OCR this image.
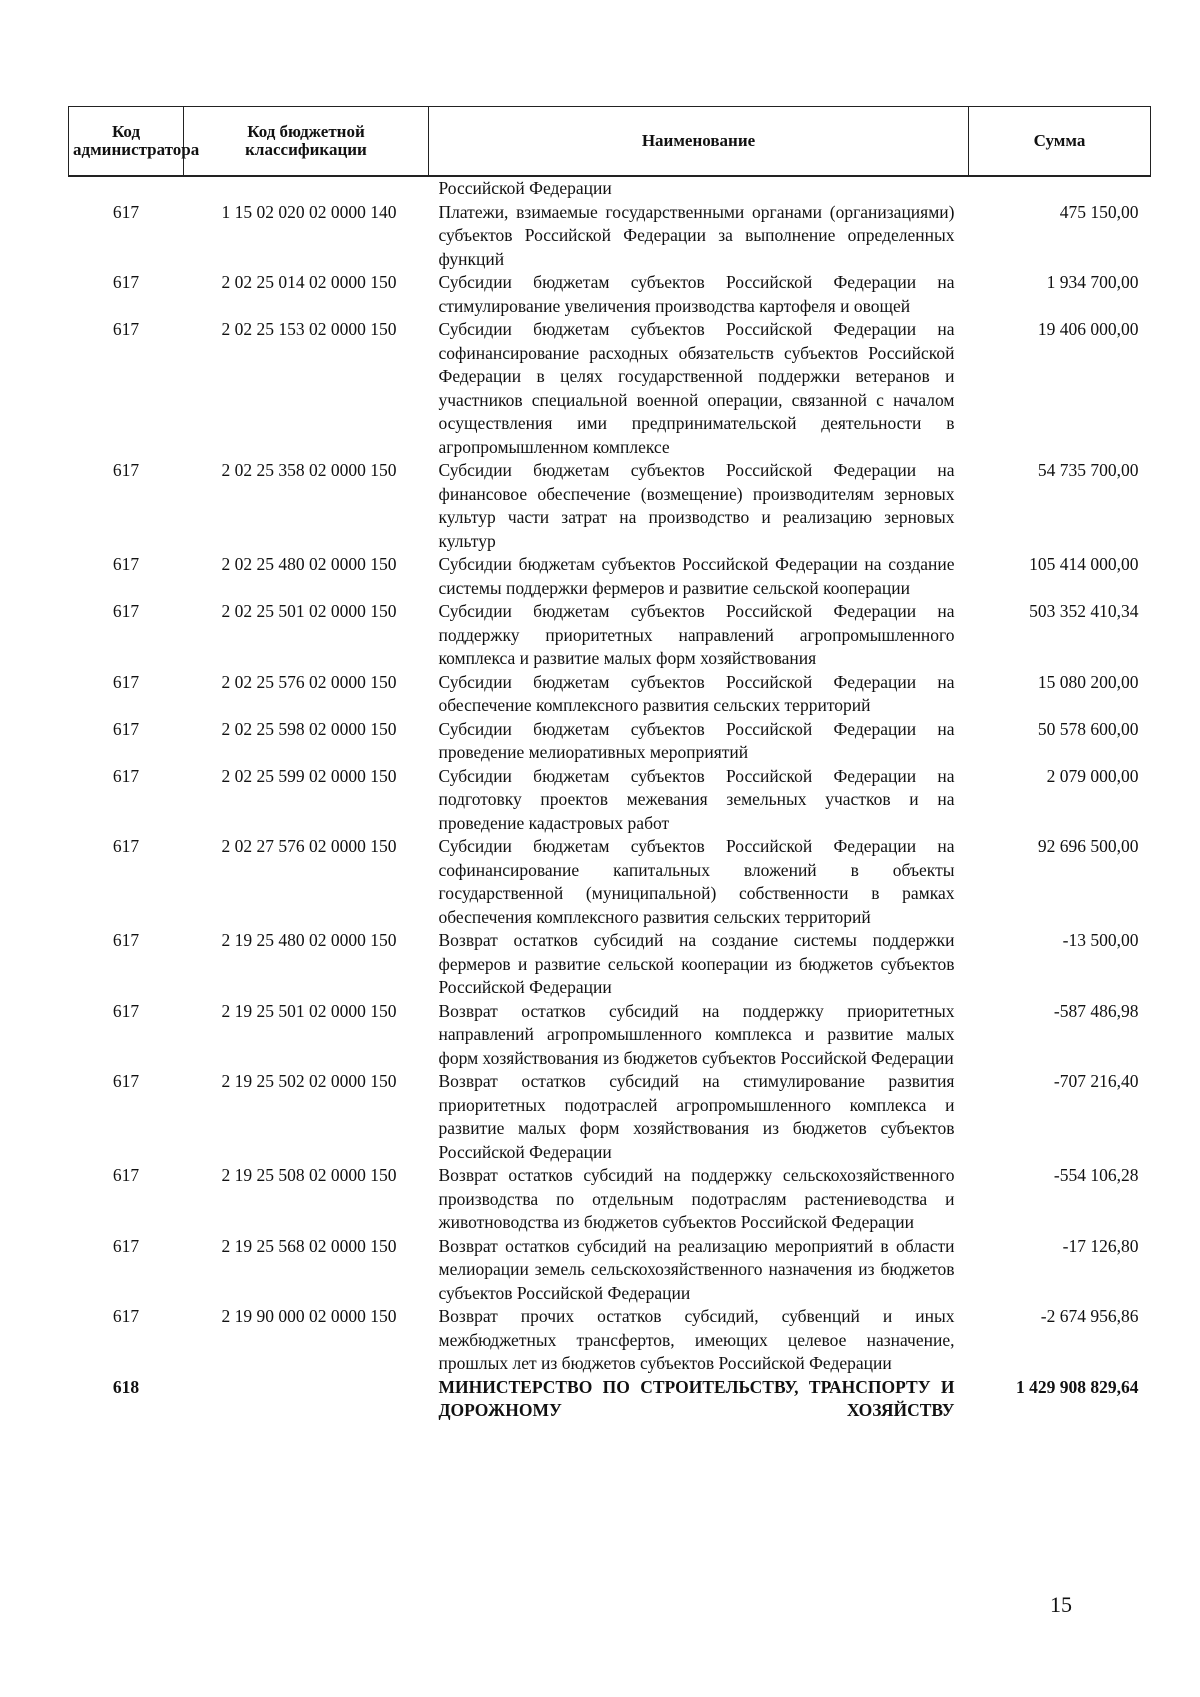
Код администратора	Код бюджетной классификации	Наименование	Сумма
		Российской Федерации	
617	1 15 02 020 02 0000 140	Платежи, взимаемые государственными органами (организациями) субъектов Российской Федерации за выполнение определенных функций	475 150,00
617	2 02 25 014 02 0000 150	Субсидии бюджетам субъектов Российской Федерации на стимулирование увеличения производства картофеля и овощей	1 934 700,00
617	2 02 25 153 02 0000 150	Субсидии бюджетам субъектов Российской Федерации на софинансирование расходных обязательств субъектов Российской Федерации в целях государственной поддержки ветеранов и участников специальной военной операции, связанной с началом осуществления ими предпринимательской деятельности в агропромышленном комплексе	19 406 000,00
617	2 02 25 358 02 0000 150	Субсидии бюджетам субъектов Российской Федерации на финансовое обеспечение (возмещение) производителям зерновых культур части затрат на производство и реализацию зерновых культур	54 735 700,00
617	2 02 25 480 02 0000 150	Субсидии бюджетам субъектов Российской Федерации на создание системы поддержки фермеров и развитие сельской кооперации	105 414 000,00
617	2 02 25 501 02 0000 150	Субсидии бюджетам субъектов Российской Федерации на поддержку приоритетных направлений агропромышленного комплекса и развитие малых форм хозяйствования	503 352 410,34
617	2 02 25 576 02 0000 150	Субсидии бюджетам субъектов Российской Федерации на обеспечение комплексного развития сельских территорий	15 080 200,00
617	2 02 25 598 02 0000 150	Субсидии бюджетам субъектов Российской Федерации на проведение мелиоративных мероприятий	50 578 600,00
617	2 02 25 599 02 0000 150	Субсидии бюджетам субъектов Российской Федерации на подготовку проектов межевания земельных участков и на проведение кадастровых работ	2 079 000,00
617	2 02 27 576 02 0000 150	Субсидии бюджетам субъектов Российской Федерации на софинансирование капитальных вложений в объекты государственной (муниципальной) собственности в рамках обеспечения комплексного развития сельских территорий	92 696 500,00
617	2 19 25 480 02 0000 150	Возврат остатков субсидий на создание системы поддержки фермеров и развитие сельской кооперации из бюджетов субъектов Российской Федерации	-13 500,00
617	2 19 25 501 02 0000 150	Возврат остатков субсидий на поддержку приоритетных направлений агропромышленного комплекса и развитие малых форм хозяйствования из бюджетов субъектов Российской Федерации	-587 486,98
617	2 19 25 502 02 0000 150	Возврат остатков субсидий на стимулирование развития приоритетных подотраслей агропромышленного комплекса и развитие малых форм хозяйствования из бюджетов субъектов Российской Федерации	-707 216,40
617	2 19 25 508 02 0000 150	Возврат остатков субсидий на поддержку сельскохозяйственного производства по отдельным подотраслям растениеводства и животноводства из бюджетов субъектов Российской Федерации	-554 106,28
617	2 19 25 568 02 0000 150	Возврат остатков субсидий на реализацию мероприятий в области мелиорации земель сельскохозяйственного назначения из бюджетов субъектов Российской Федерации	-17 126,80
617	2 19 90 000 02 0000 150	Возврат прочих остатков субсидий, субвенций и иных межбюджетных трансфертов, имеющих целевое назначение, прошлых лет из бюджетов субъектов Российской Федерации	-2 674 956,86
618		МИНИСТЕРСТВО ПО СТРОИТЕЛЬСТВУ, ТРАНСПОРТУ И ДОРОЖНОМУ ХОЗЯЙСТВУ	1 429 908 829,64
15
